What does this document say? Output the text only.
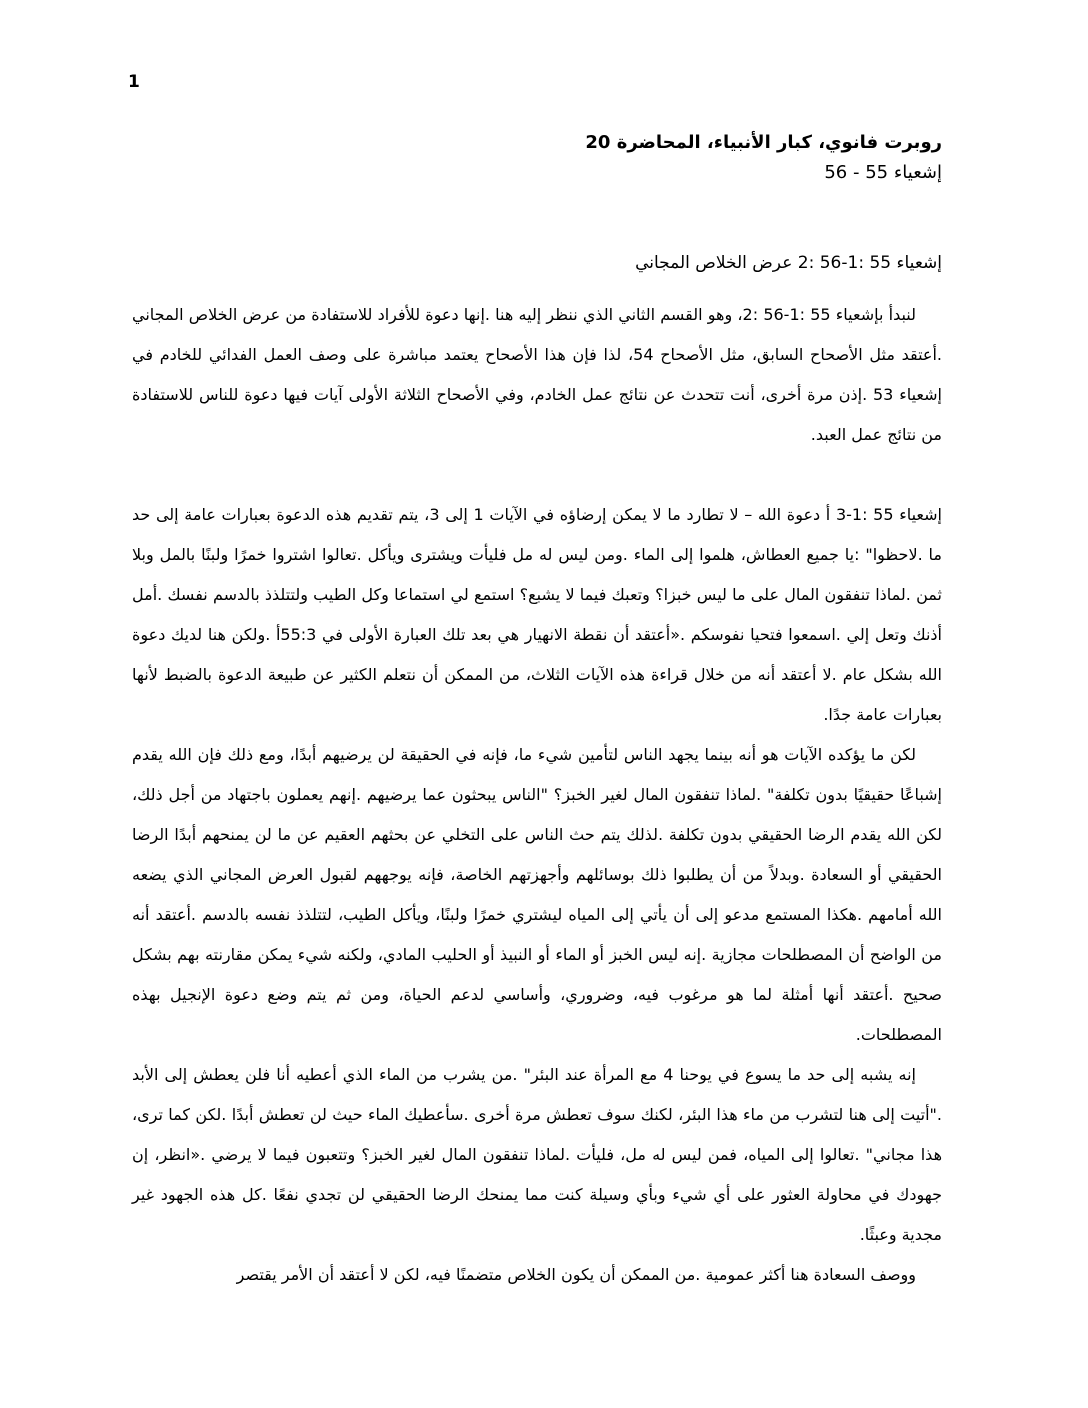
1

روبرت فانوي، كبار الأنبياء، المحاضرة 20

إشعياء 55 - 56

إشعياء 55 :1-56 :2 عرض الخلاص المجاني

لنبدأ بإشعياء 55 :1-56 :2، وهو القسم الثاني الذي ننظر إليه هنا .إنها دعوة للأفراد للاستفادة من عرض الخلاص المجاني .أعتقد مثل الأصحاح السابق، مثل الأصحاح 54، لذا فإن هذا الأصحاح يعتمد مباشرة على وصف العمل الفدائي للخادم في إشعياء 53 .إذن مرة أخرى، أنت تتحدث عن نتائج عمل الخادم، وفي الأصحاح الثلاثة الأولى آيات فيها دعوة للناس للاستفادة من نتائج عمل العبد.

إشعياء 55 :1-3 أ دعوة الله – لا تطارد ما لا يمكن إرضاؤه في الآيات 1 إلى 3، يتم تقديم هذه الدعوة بعبارات عامة إلى حد ما .لاحظوا" :يا جميع العطاش، هلموا إلى الماء .ومن ليس له مل فليأت ويشترى ويأكل .تعالوا اشتروا خمرًا ولبنًا بالمل وبلا ثمن .لماذا تنفقون المال على ما ليس خبزا؟ وتعبك فيما لا يشبع؟ استمع لي استماعا وكل الطيب ولتتلذذ بالدسم نفسك .أمل أذنك وتعل إلي .اسمعوا فتحيا نفوسكم .«أعتقد أن نقطة الانهيار هي بعد تلك العبارة الأولى في 55:3أ .ولكن هنا لديك دعوة الله بشكل عام .لا أعتقد أنه من خلال قراءة هذه الآيات الثلاث، من الممكن أن نتعلم الكثير عن طبيعة الدعوة بالضبط لأنها بعبارات عامة جدًا.

لكن ما يؤكده الآيات هو أنه بينما يجهد الناس لتأمين شيء ما، فإنه في الحقيقة لن يرضيهم أبدًا، ومع ذلك فإن الله يقدم إشباعًا حقيقيًا بدون تكلفة" .لماذا تنفقون المال لغير الخبز؟ "الناس يبحثون عما يرضيهم .إنهم يعملون باجتهاد من أجل ذلك، لكن الله يقدم الرضا الحقيقي بدون تكلفة .لذلك يتم حث الناس على التخلي عن بحثهم العقيم عن ما لن يمنحهم أبدًا الرضا الحقيقي أو السعادة .وبدلاً من أن يطلبوا ذلك بوسائلهم وأجهزتهم الخاصة، فإنه يوجههم لقبول العرض المجاني الذي يضعه الله أمامهم .هكذا المستمع مدعو إلى أن يأتي إلى المياه ليشتري خمرًا ولبنًا، ويأكل الطيب، لتتلذذ نفسه بالدسم .أعتقد أنه من الواضح أن المصطلحات مجازية .إنه ليس الخبز أو الماء أو النبيذ أو الحليب المادي، ولكنه شيء يمكن مقارنته بهم بشكل صحيح .أعتقد أنها أمثلة لما هو مرغوب فيه، وضروري، وأساسي لدعم الحياة، ومن ثم يتم وضع دعوة الإنجيل بهذه المصطلحات.

إنه يشبه إلى حد ما يسوع في يوحنا 4 مع المرأة عند البئر" .من يشرب من الماء الذي أعطيه أنا فلن يعطش إلى الأبد ."أتيت إلى هنا لتشرب من ماء هذا البئر، لكنك سوف تعطش مرة أخرى .سأعطيك الماء حيث لن تعطش أبدًا .لكن كما ترى، هذا مجاني" .تعالوا إلى المياه، فمن ليس له مل، فليأت .لماذا تنفقون المال لغير الخبز؟ وتتعبون فيما لا يرضي .«انظر، إن جهودك في محاولة العثور على أي شيء وبأي وسيلة كنت مما يمنحك الرضا الحقيقي لن تجدي نفعًا .كل هذه الجهود غير مجدية وعبثًا.

ووصف السعادة هنا أكثر عمومية .من الممكن أن يكون الخلاص متضمنًا فيه، لكن لا أعتقد أن الأمر يقتصر
